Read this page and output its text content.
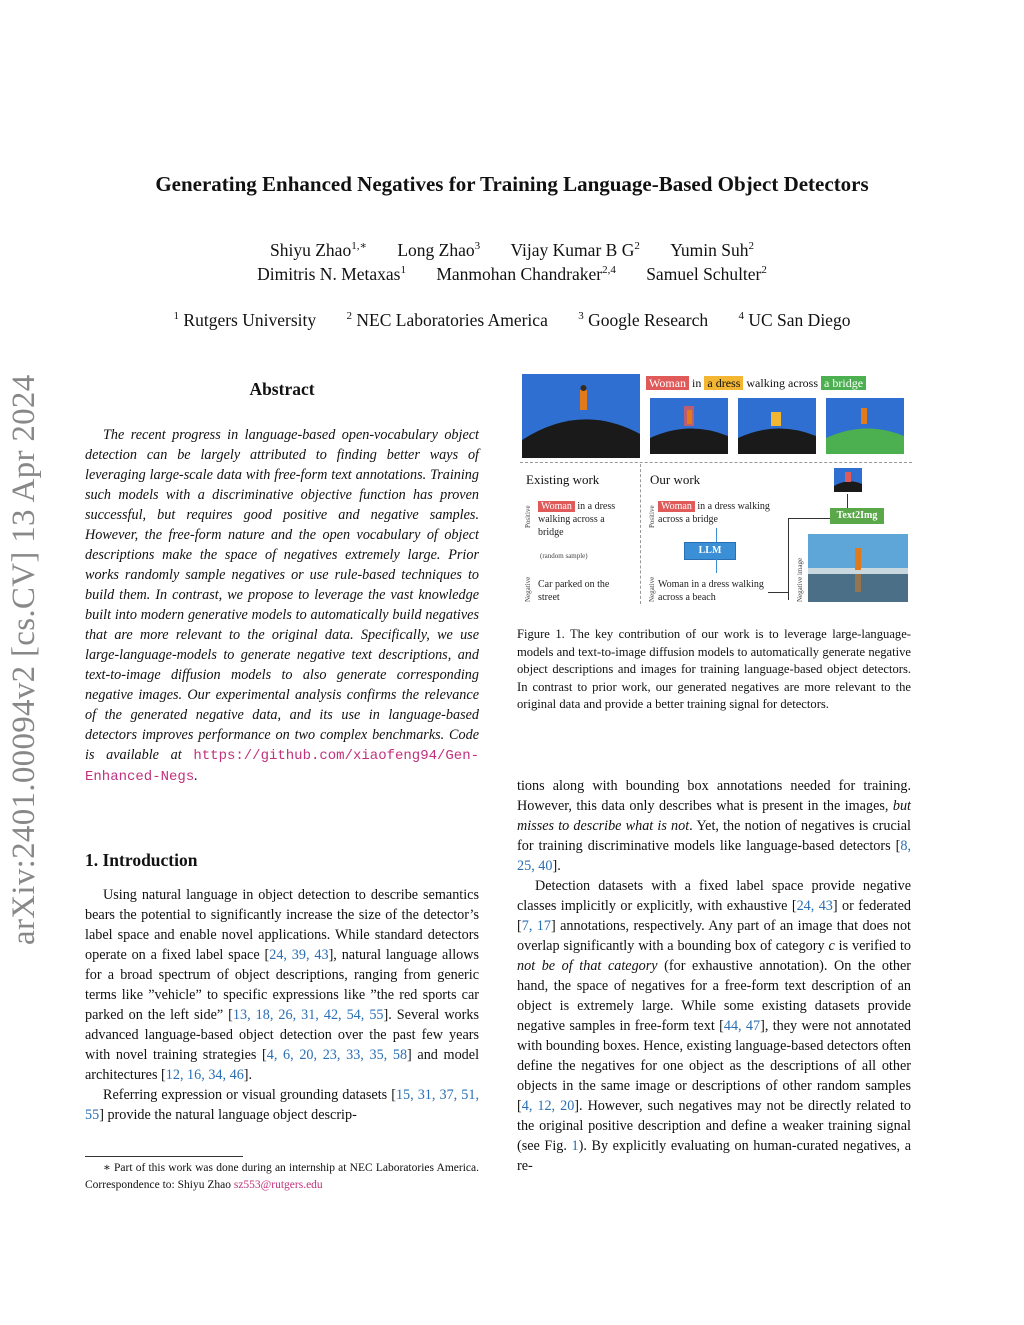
arXiv:2401.00094v2 [cs.CV] 13 Apr 2024
Generating Enhanced Negatives for Training Language-Based Object Detectors
Shiyu Zhao$^{1,∗}$ Long Zhao$^3$ Vijay Kumar B $G^2$ Yumin Suh$^2$
Dimitris N. Metaxas$^1$ Manmohan Chandraker$^{2,4}$ Samuel Schulter$^2$
$^1$ Rutgers University	$^2$ NEC Laboratories America	$^3$ Google Research	$^4$ UC San Diego
Abstract
The recent progress in language-based open-vocabulary object detection can be largely attributed to finding better ways of leveraging large-scale data with free-form text annotations. Training such models with a discriminative objective function has proven successful, but requires good positive and negative samples. However, the free-form nature and the open vocabulary of object descriptions make the space of negatives extremely large. Prior works randomly sample negatives or use rule-based techniques to build them. In contrast, we propose to leverage the vast knowledge built into modern generative models to automatically build negatives that are more relevant to the original data. Specifically, we use large-language-models to generate negative text descriptions, and text-to-image diffusion models to also generate corresponding negative images. Our experimental analysis confirms the relevance of the generated negative data, and its use in language-based detectors improves performance on two complex benchmarks. Code is available at https://github.com/xiaofeng94/Gen-Enhanced-Negs.
1. Introduction

Using natural language in object detection to describe semantics bears the potential to significantly increase the size of the detector’s label space and enable novel applications. While standard detectors operate on a fixed label space [24, 39, 43], natural language allows for a broad spectrum of object descriptions, ranging from generic terms like ”vehicle” to specific expressions like ”the red sports car parked on the left side” [13, 18, 26, 31, 42, 54, 55]. Several works advanced language-based object detection over the past few years with novel training strategies [4, 6, 20, 23, 33, 35, 58] and model architectures [12, 16, 34, 46].

Referring expression or visual grounding datasets [15, 31, 37, 51, 55] provide the natural language object descrip-

∗ Part of this work was done during an internship at NEC Laboratories America. Correspondence to: Shiyu Zhao sz553@rutgers.edu
Woman in a dress walking across a bridge
Existing work	Our work
Positive Woman in a dress walking across a bridge
(random sample)
Negative Car parked on the street
Positive Woman in a dress walking across a bridge
LLM
Negative Woman in a dress walking across a beach
Text2Img
Negative image
Figure 1. The key contribution of our work is to leverage large-language-models and text-to-image diffusion models to automatically generate negative object descriptions and images for training language-based object detectors. In contrast to prior work, our generated negatives are more relevant to the original data and provide a better training signal for detectors.

tions along with bounding box annotations needed for training. However, this data only describes what is present in the images, but misses to describe what is not. Yet, the notion of negatives is crucial for training discriminative models like language-based detectors [8, 25, 40].

Detection datasets with a fixed label space provide negative classes implicitly or explicitly, with exhaustive [24, 43] or federated [7, 17] annotations, respectively. Any part of an image that does not overlap significantly with a bounding box of category c is verified to not be of that category (for exhaustive annotation). On the other hand, the space of negatives for a free-form text description of an object is extremely large. While some existing datasets provide negative samples in free-form text [44, 47], they were not annotated with bounding boxes. Hence, existing language-based detectors often define the negatives for one object as the descriptions of all other objects in the same image or descriptions of other random samples [4, 12, 20]. However, such negatives may not be directly related to the original positive description and define a weaker training signal (see Fig. 1). By explicitly evaluating on human-curated negatives, a re-
